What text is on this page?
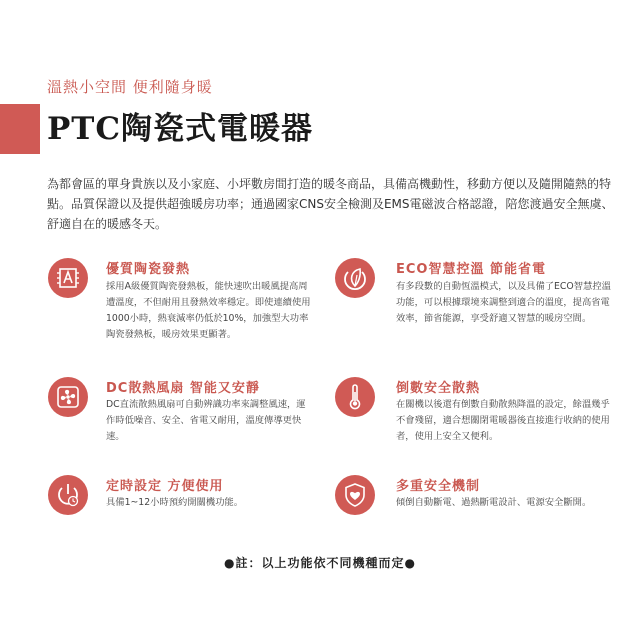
溫熱小空間 便利隨身暖
PTC陶瓷式電暖器
為都會區的單身貴族以及小家庭、小坪數房間打造的暖冬商品，具備高機動性，移動方便以及隨開隨熱的特點。品質保證以及提供超強暖房功率；通過國家CNS安全檢測及EMS電磁波合格認證，陪您渡過安全無虞、舒適自在的暖感冬天。
優質陶瓷發熱
採用A級優質陶瓷發熱板，能快速吹出暖風提高周遭溫度，不但耐用且發熱效率穩定。即使連續使用1000小時，熱衰減率仍低於10%，加強型大功率陶瓷發熱板，暖房效果更顯著。
ECO智慧控溫 節能省電
有多段數的自動恆溫模式，以及具備了ECO智慧控溫功能，可以根據環境來調整到適合的溫度，提高省電效率，節省能源，享受舒適又智慧的暖房空間。
DC散熱風扇 智能又安靜
DC直流散熱風扇可自動辨識功率來調整風速，運作時低噪音、安全、省電又耐用，溫度傳導更快速。
倒數安全散熱
在關機以後還有倒數自動散熱降溫的設定，餘溫幾乎不會殘留，適合想關閉電暖器後直接進行收納的使用者，使用上安全又便利。
定時設定 方便使用
具備1~12小時預約開關機功能。
多重安全機制
傾倒自動斷電、過熱斷電設計、電源安全斷開。
●註：以上功能依不同機種而定●
